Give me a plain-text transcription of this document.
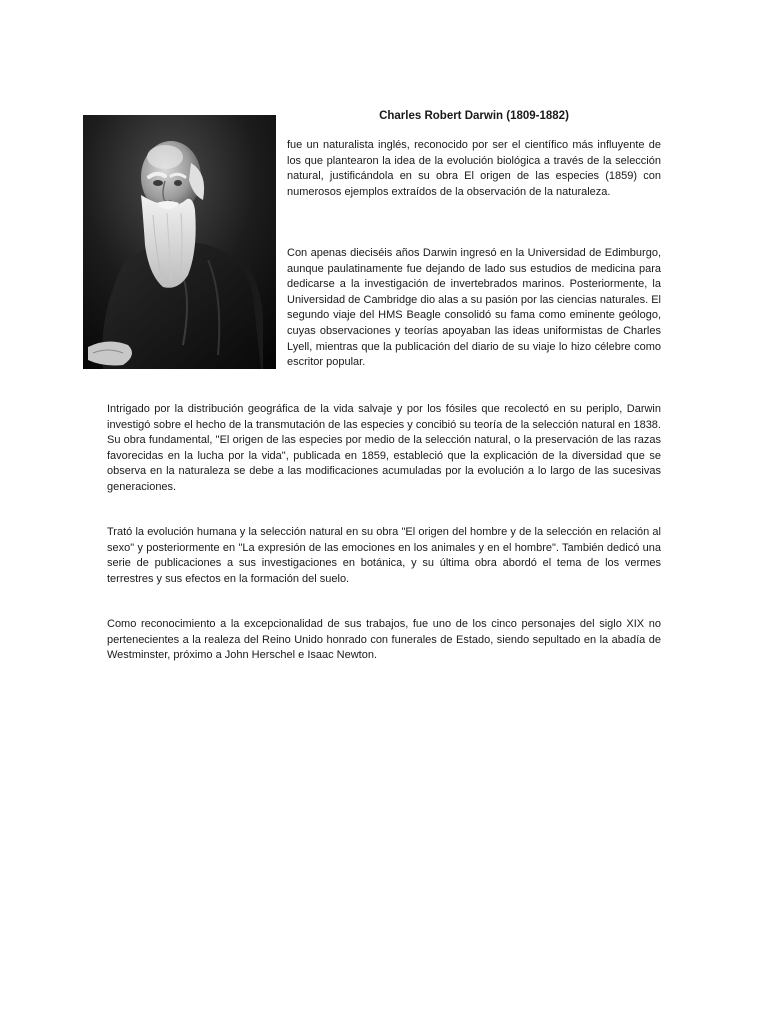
Charles Robert Darwin (1809-1882)

fue un naturalista inglés, reconocido por ser el científico más influyente de los que plantearon la idea de la evolución biológica a través de la selección natural, justificándola en su obra El origen de las especies (1859) con numerosos ejemplos extraídos de la observación de la naturaleza.

Con apenas dieciséis años Darwin ingresó en la Universidad de Edimburgo, aunque paulatinamente fue dejando de lado sus estudios de medicina para dedicarse a la investigación de invertebrados marinos. Posteriormente, la Universidad de Cambridge dio alas a su pasión por las ciencias naturales. El segundo viaje del HMS Beagle consolidó su fama como eminente geólogo, cuyas observaciones y teorías apoyaban las ideas uniformistas de Charles Lyell, mientras que la publicación del diario de su viaje lo hizo célebre como escritor popular.

Intrigado por la distribución geográfica de la vida salvaje y por los fósiles que recolectó en su periplo, Darwin investigó sobre el hecho de la transmutación de las especies y concibió su teoría de la selección natural en 1838. Su obra fundamental, "El origen de las especies por medio de la selección natural, o la preservación de las razas favorecidas en la lucha por la vida", publicada en 1859, estableció que la explicación de la diversidad que se observa en la naturaleza se debe a las modificaciones acumuladas por la evolución a lo largo de las sucesivas generaciones.

Trató la evolución humana y la selección natural en su obra "El origen del hombre y de la selección en relación al sexo" y posteriormente en "La expresión de las emociones en los animales y en el hombre". También dedicó una serie de publicaciones a sus investigaciones en botánica, y su última obra abordó el tema de los vermes terrestres y sus efectos en la formación del suelo.

Como reconocimiento a la excepcionalidad de sus trabajos, fue uno de los cinco personajes del siglo XIX no pertenecientes a la realeza del Reino Unido honrado con funerales de Estado, siendo sepultado en la abadía de Westminster, próximo a John Herschel e Isaac Newton.
